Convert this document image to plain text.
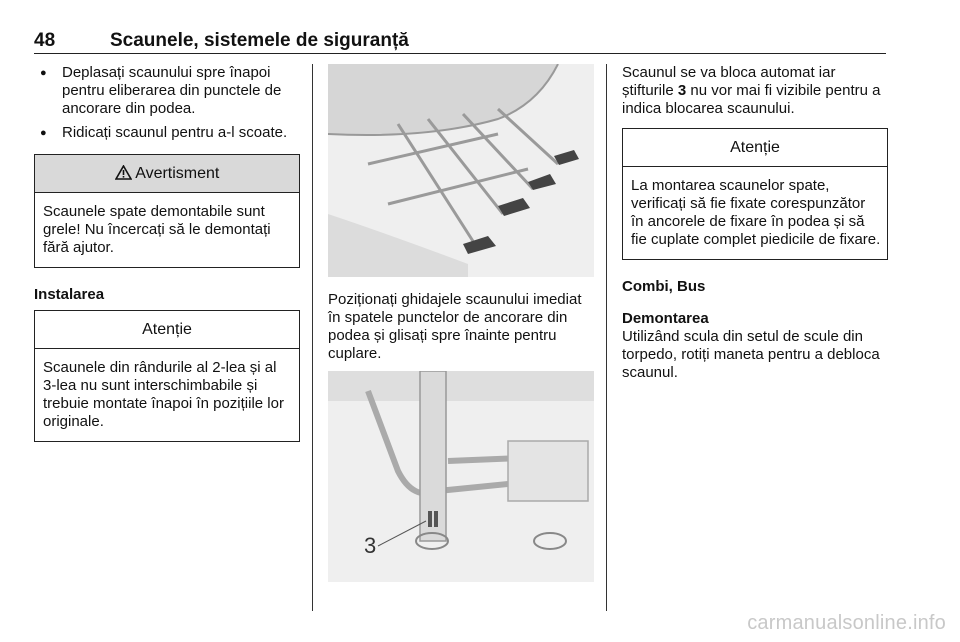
48	Scaunele, sistemele de siguranță
● Deplasați scaunului spre înapoi pentru eliberarea din punctele de ancorare din podea.
● Ridicați scaunul pentru a-l scoate.
Avertisment
Scaunele spate demontabile sunt grele! Nu încercați să le demontați fără ajutor.
Instalarea
Atenție
Scaunele din rândurile al 2-lea și al 3-lea nu sunt interschimbabile și trebuie montate înapoi în pozițiile lor originale.
Poziționați ghidajele scaunului imediat în spatele punctelor de ancorare din podea și glisați spre înainte pentru cuplare.
3
Scaunul se va bloca automat iar știfturile 3 nu vor mai fi vizibile pentru a indica blocarea scaunului.
Atenție
La montarea scaunelor spate, verificați să fie fixate corespunzător în ancorele de fixare în podea și să fie cuplate complet piedicile de fixare.
Combi, Bus
Demontarea
Utilizând scula din setul de scule din torpedo, rotiți maneta pentru a debloca scaunul.
carmanualsonline.info
